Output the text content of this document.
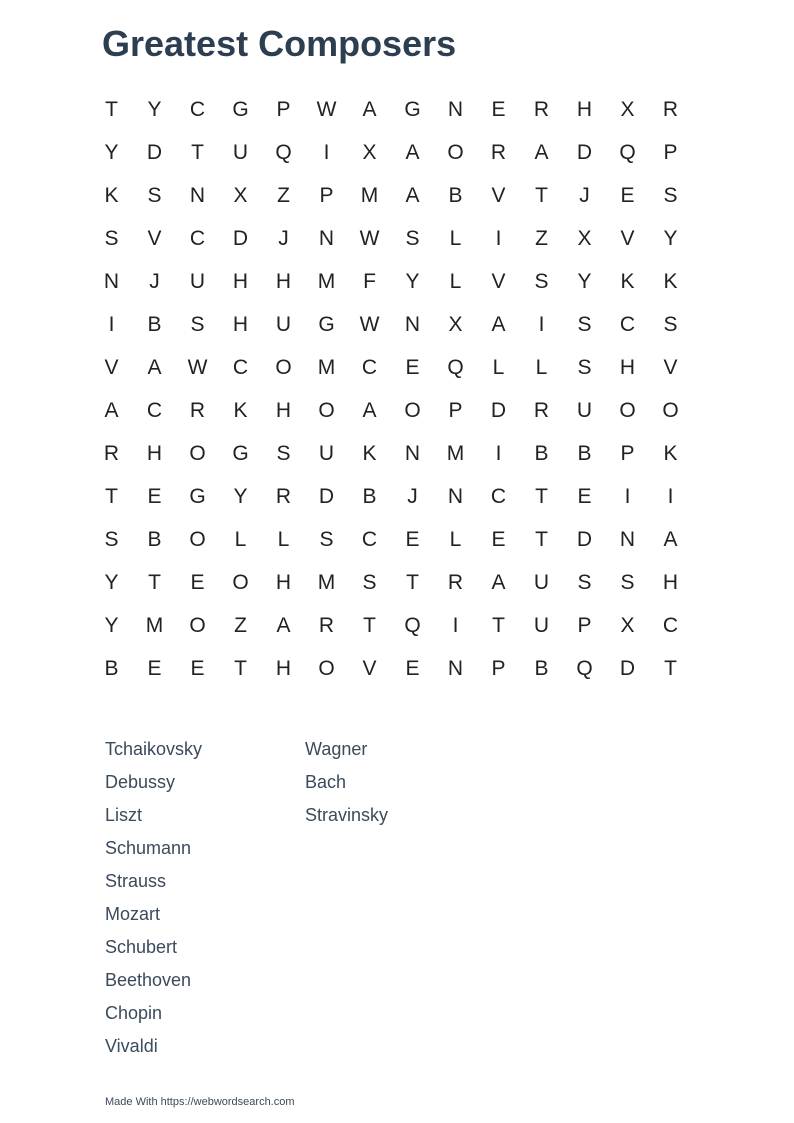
Greatest Composers
T	Y	C	G	P	W	A	G	N	E	R	H	X	R
Y	D	T	U	Q	I	X	A	O	R	A	D	Q	P
K	S	N	X	Z	P	M	A	B	V	T	J	E	S
S	V	C	D	J	N	W	S	L	I	Z	X	V	Y
N	J	U	H	H	M	F	Y	L	V	S	Y	K	K
I	B	S	H	U	G	W	N	X	A	I	S	C	S
V	A	W	C	O	M	C	E	Q	L	L	S	H	V
A	C	R	K	H	O	A	O	P	D	R	U	O	O
R	H	O	G	S	U	K	N	M	I	B	B	P	K
T	E	G	Y	R	D	B	J	N	C	T	E	I	I
S	B	O	L	L	S	C	E	L	E	T	D	N	A
Y	T	E	O	H	M	S	T	R	A	U	S	S	H
Y	M	O	Z	A	R	T	Q	I	T	U	P	X	C
B	E	E	T	H	O	V	E	N	P	B	Q	D	T
Tchaikovsky
Debussy
Liszt
Schumann
Strauss
Mozart
Schubert
Beethoven
Chopin
Vivaldi
Wagner
Bach
Stravinsky
Made With https://webwordsearch.com
